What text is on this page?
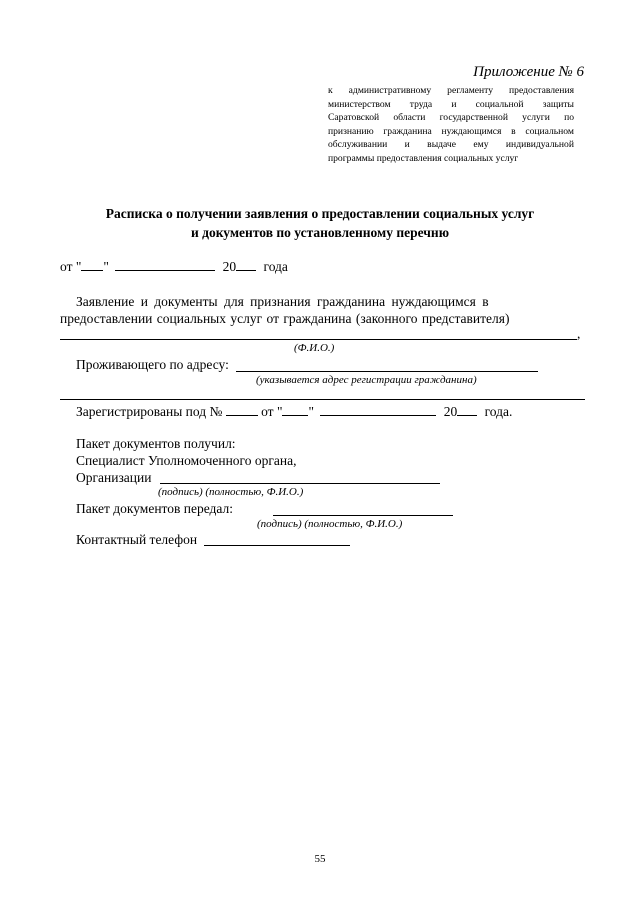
Приложение № 6
к административному регламенту предоставления
министерством труда и социальной защиты
Саратовской области государственной услуги по
признанию гражданина нуждающимся в социальном
обслуживании и выдаче ему индивидуальной
программы предоставления социальных услуг
Расписка о получении заявления о предоставлении социальных услуг
и документов по установленному перечню
от " "	20 года
Заявление и документы для признания гражданина нуждающимся в
предоставлении социальных услуг от гражданина (законного представителя)
,
(Ф.И.О.)
Проживающего по адресу:
(указывается адрес регистрации гражданина)
Зарегистрированы под №	от " "	20 года.
Пакет документов получил:
Специалист Уполномоченного органа,
Организации
(подпись) (полностью, Ф.И.О.)
Пакет документов передал:
(подпись) (полностью, Ф.И.О.)
Контактный телефон
55
